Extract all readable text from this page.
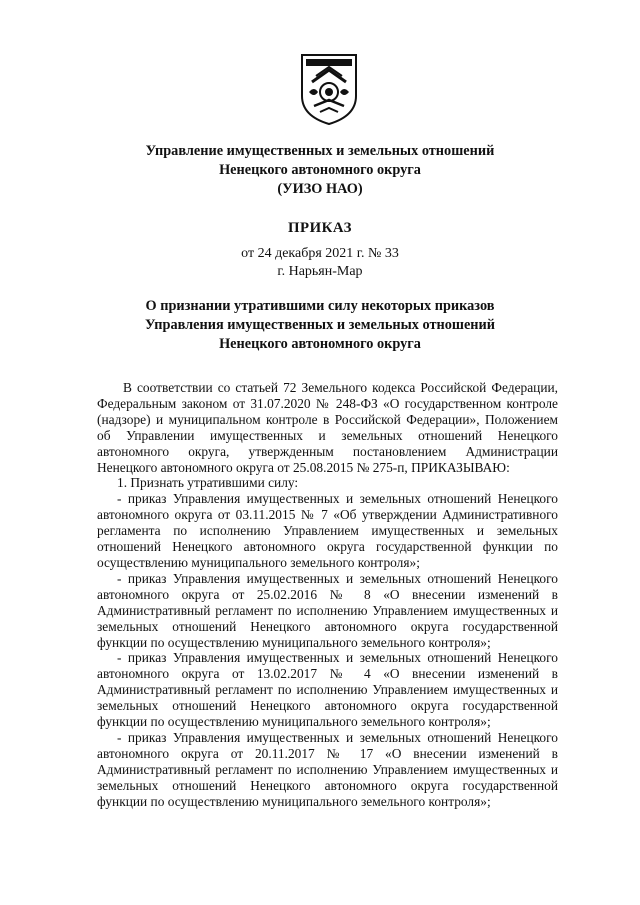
Управление имущественных и земельных отношений
Ненецкого автономного округа
(УИЗО НАО)
ПРИКАЗ
от 24 декабря 2021 г. № 33
г. Нарьян-Мар
О признании утратившими силу некоторых приказов
Управления имущественных и земельных отношений
Ненецкого автономного округа

В соответствии со статьей 72 Земельного кодекса Российской Федерации, Федеральным законом от 31.07.2020 № 248-ФЗ «О государственном контроле (надзоре) и муниципальном контроле в Российской Федерации», Положением об Управлении имущественных и земельных отношений Ненецкого автономного округа, утвержденным постановлением Администрации Ненецкого автономного округа от 25.08.2015 № 275-п, ПРИКАЗЫВАЮ:

1. Признать утратившими силу:

- приказ Управления имущественных и земельных отношений Ненецкого автономного округа от 03.11.2015 № 7 «Об утверждении Административного регламента по исполнению Управлением имущественных и земельных отношений Ненецкого автономного округа государственной функции по осуществлению муниципального земельного контроля»;

- приказ Управления имущественных и земельных отношений Ненецкого автономного округа от 25.02.2016 № 8 «О внесении изменений в Административный регламент по исполнению Управлением имущественных и земельных отношений Ненецкого автономного округа государственной функции по осуществлению муниципального земельного контроля»;

- приказ Управления имущественных и земельных отношений Ненецкого автономного округа от 13.02.2017 № 4 «О внесении изменений в Административный регламент по исполнению Управлением имущественных и земельных отношений Ненецкого автономного округа государственной функции по осуществлению муниципального земельного контроля»;

- приказ Управления имущественных и земельных отношений Ненецкого автономного округа от 20.11.2017 № 17 «О внесении изменений в Административный регламент по исполнению Управлением имущественных и земельных отношений Ненецкого автономного округа государственной функции по осуществлению муниципального земельного контроля»;
